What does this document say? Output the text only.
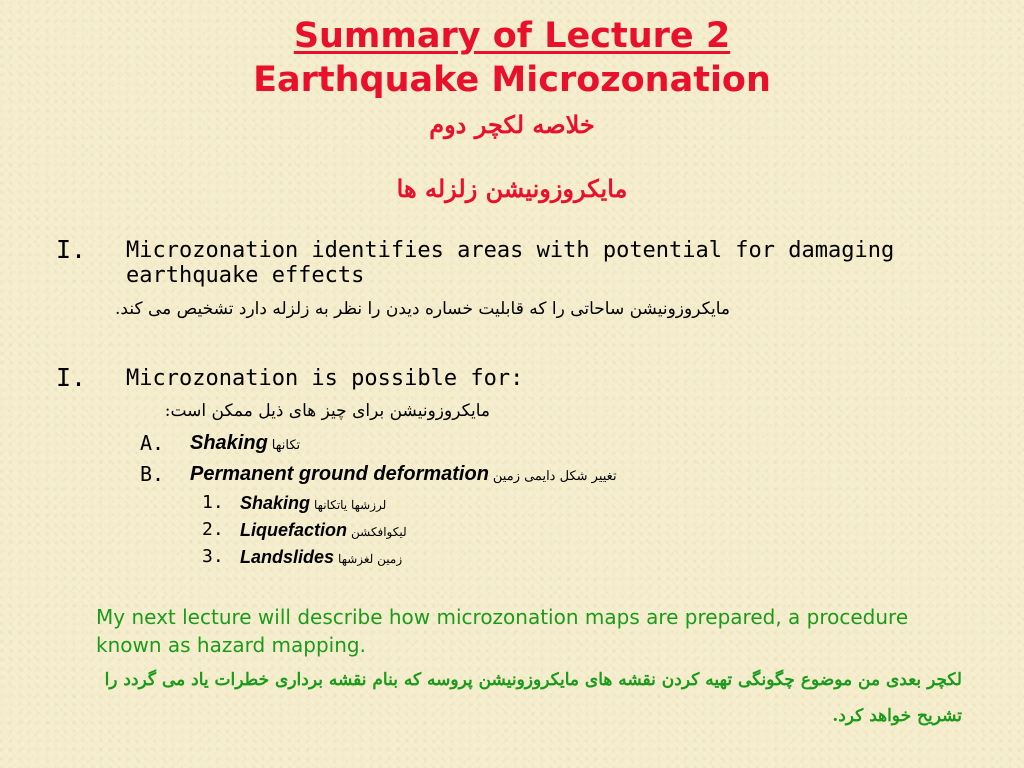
Summary of Lecture 2
Earthquake Microzonation
خلاصه لکچر دوم
مایکروزونیشن زلزله ها
I. Microzonation identifies areas with potential for damaging earthquake effects
مایکروزونیشن ساحاتی را که قابلیت خساره دیدن را نظر به زلزله دارد تشخیص می کند.
I. Microzonation is possible for:
مایکروزونیشن برای چیز های ذیل ممکن است:
A. Shaking تکانها
B. Permanent ground deformation تغییر شکل دایمی زمین
1. Shaking لرزشها یاتکانها
2. Liquefaction لیکوافکشن
3. Landslides زمین لغزشها
My next lecture will describe how microzonation maps are prepared, a procedure known as hazard mapping.
لکچر بعدی من موضوع چگونگی تهیه کردن نقشه های مایکروزونیشن پروسه که بنام نقشه برداری خطرات یاد می گردد را تشریح خواهد کرد.
